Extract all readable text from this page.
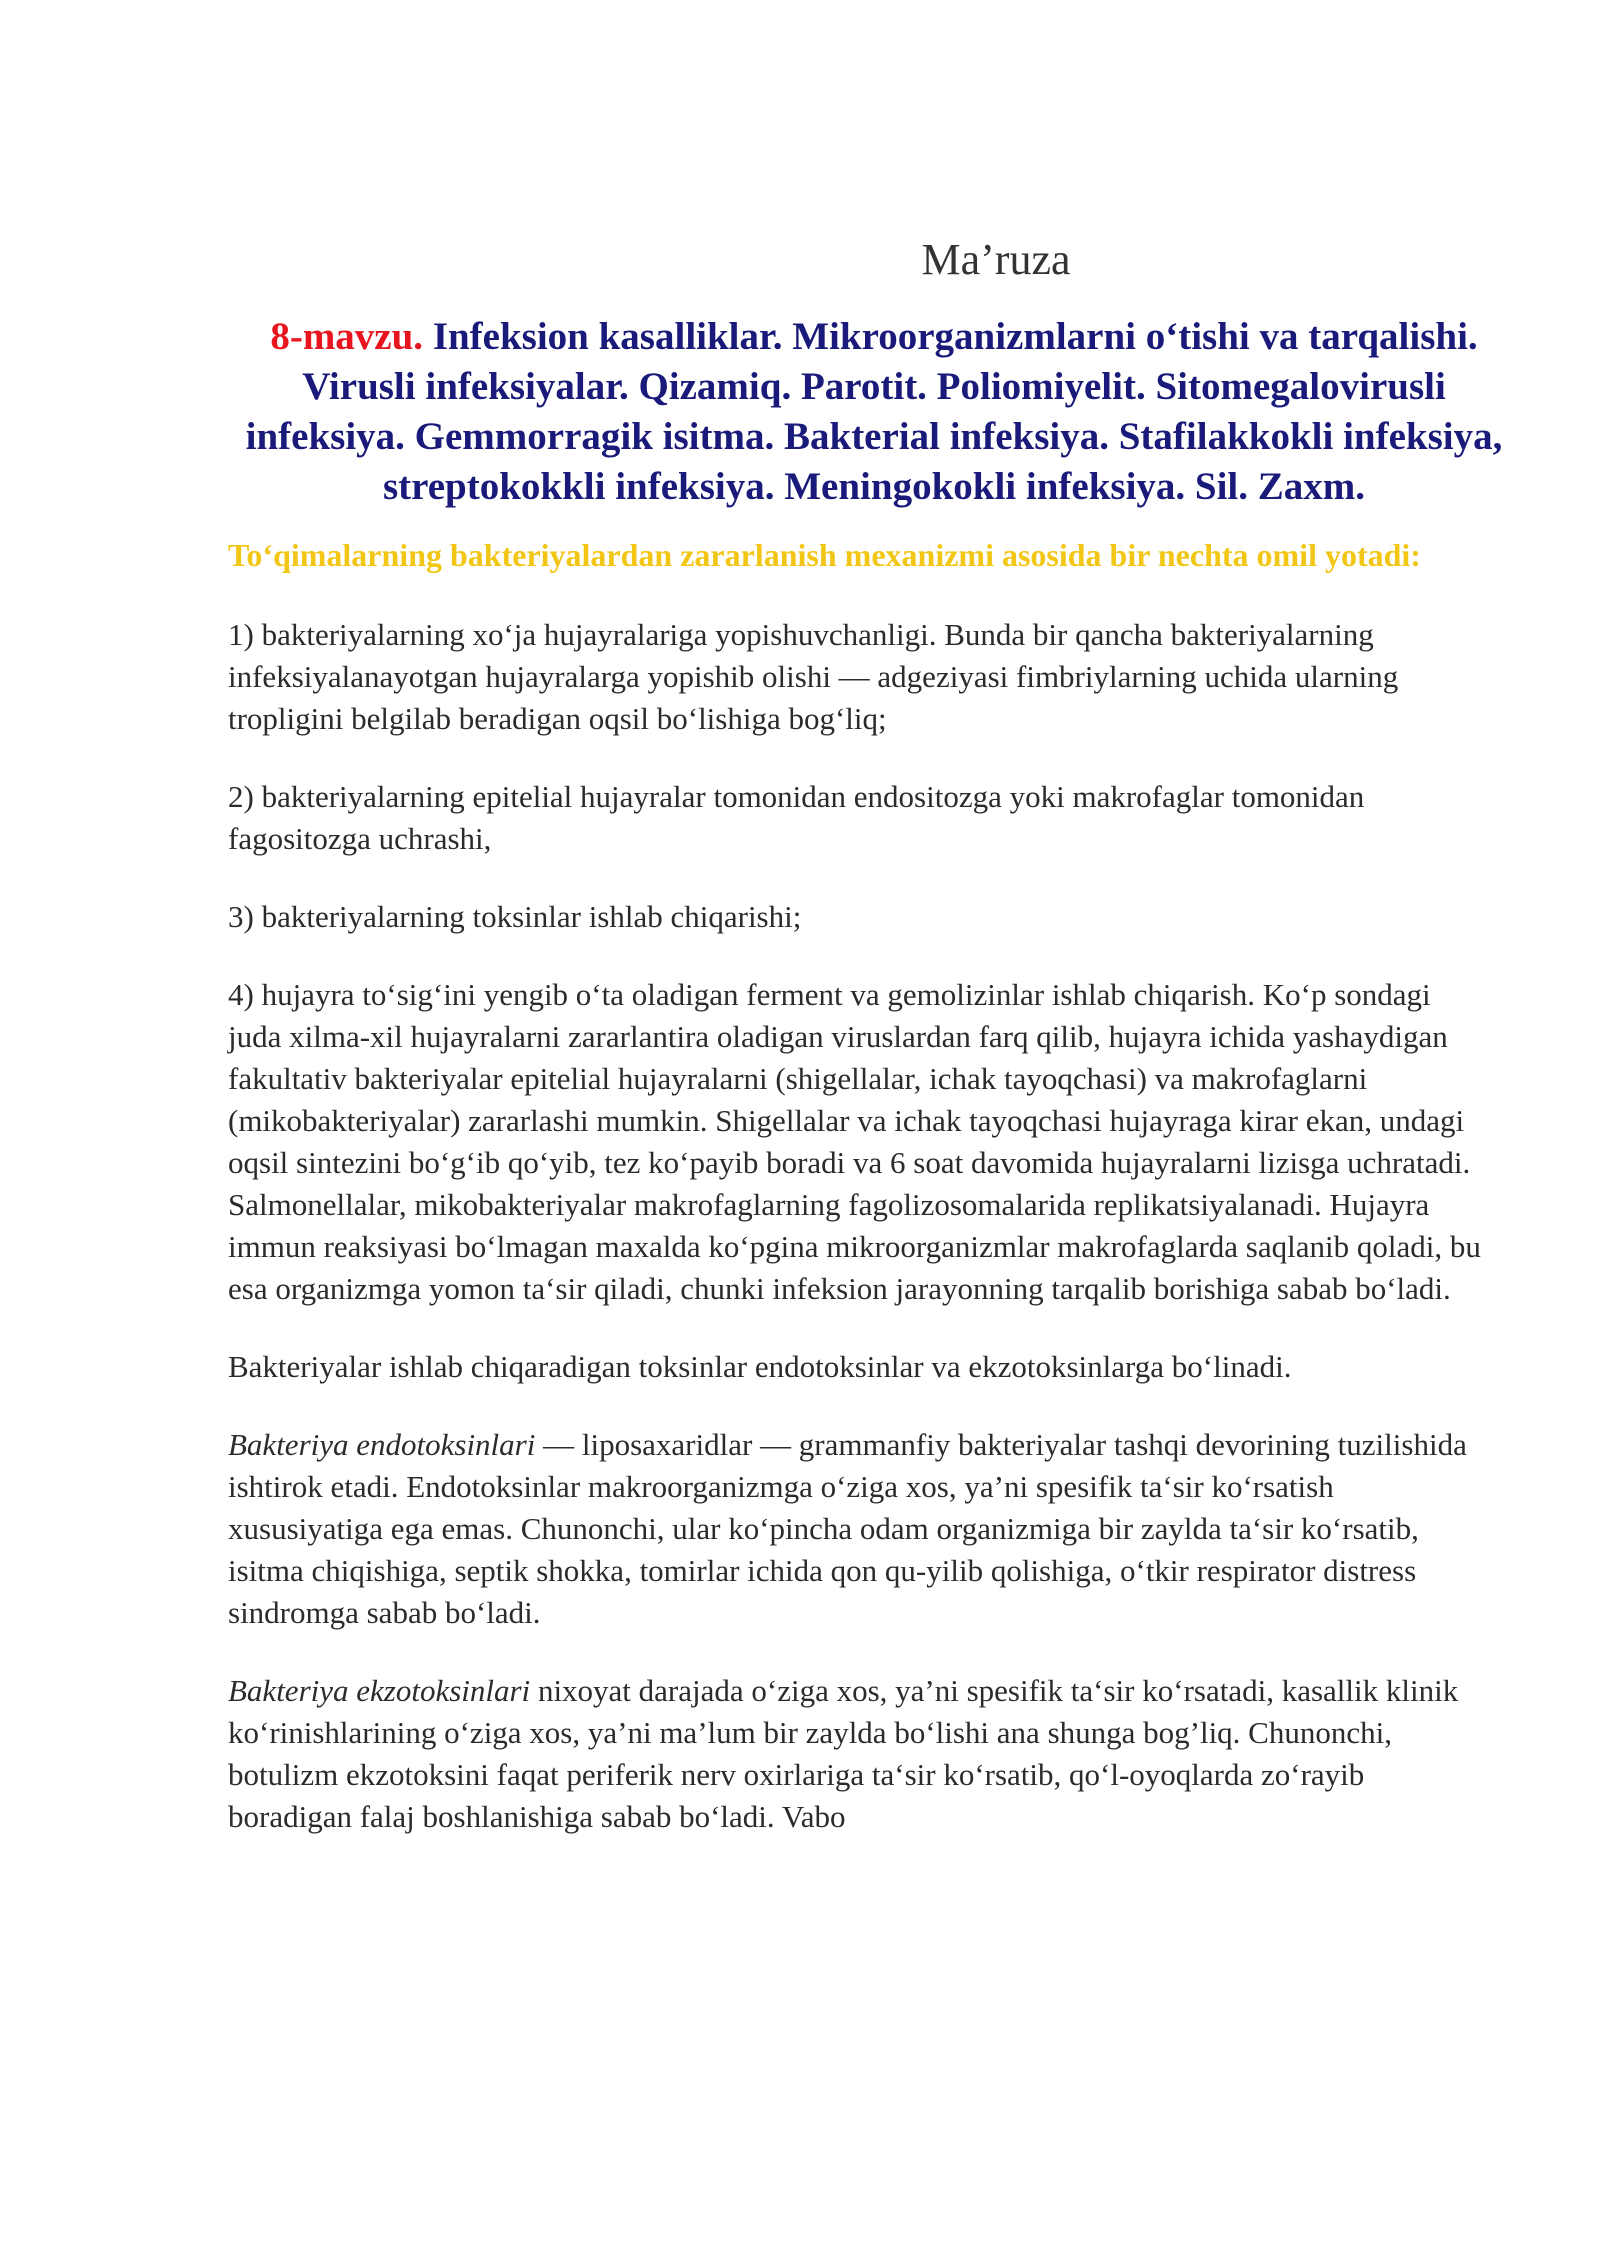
Ma’ruza
8-mavzu. Infeksion kasalliklar. Mikroorganizmlarni o‘tishi va tarqalishi. Virusli infeksiyalar. Qizamiq. Parotit. Poliomiyelit. Sitomegalovirusli infeksiya. Gemmorragik isitma. Bakterial infeksiya. Stafilakkokli infeksiya, streptokokkli infeksiya. Meningokokli infeksiya. Sil. Zaxm.
To‘qimalarning bakteriyalardan zararlanish mexanizmi asosida bir nechta omil yotadi:
1) bakteriyalarning xo‘ja hujayralariga yopishuvchanligi. Bunda bir qancha bakteriyalarning infeksiyalanayotgan hujayralarga yopishib olishi — adgeziyasi fimbriylarning uchida ularning tropligini belgilab beradigan oqsil bo‘lishiga bog‘liq;
2) bakteriyalarning epitelial hujayralar tomonidan endositozga yoki makrofaglar tomonidan fagositozga uchrashi,
3) bakteriyalarning toksinlar ishlab chiqarishi;
4) hujayra to‘sig‘ini yengib o‘ta oladigan ferment va gemolizinlar ishlab chiqarish. Ko‘p sondagi juda xilma-xil hujayralarni zararlantira oladigan viruslardan farq qilib, hujayra ichida yashaydigan fakultativ bakteriyalar epitelial hujayralarni (shigellalar, ichak tayoqchasi) va makrofaglarni (mikobakteriyalar) zararlashi mumkin. Shigellalar va ichak tayoqchasi hujayraga kirar ekan, undagi oqsil sintezini bo‘g‘ib qo‘yib, tez ko‘payib boradi va 6 soat davomida hujayralarni lizisga uchratadi. Salmonellalar, mikobakteriyalar makrofaglarning fagolizosomalarida replikatsiyalanadi. Hujayra immun reaksiyasi bo‘lmagan maxalda ko‘pgina mikroorganizmlar makrofaglarda saqlanib qoladi, bu esa organizmga yomon ta‘sir qiladi, chunki infeksion jarayonning tarqalib borishiga sabab bo‘ladi.
Bakteriyalar ishlab chiqaradigan toksinlar endotoksinlar va ekzotoksinlarga bo‘linadi.
Bakteriya endotoksinlari — liposaxaridlar — grammanfiy bakteriyalar tashqi devorining tuzilishida ishtirok etadi. Endotoksinlar makroorganizmga o‘ziga xos, ya’ni spesifik ta‘sir ko‘rsatish xususiyatiga ega emas. Chunonchi, ular ko‘pincha odam organizmiga bir zaylda ta‘sir ko‘rsatib, isitma chiqishiga, septik shokka, tomirlar ichida qon qu-yilib qolishiga, o‘tkir respirator distress sindromga sabab bo‘ladi.
Bakteriya ekzotoksinlari nixoyat darajada o‘ziga xos, ya’ni spesifik ta‘sir ko‘rsatadi, kasallik klinik ko‘rinishlarining o‘ziga xos, ya’ni ma’lum bir zaylda bo‘lishi ana shunga bog’liq. Chunonchi, botulizm ekzotoksini faqat periferik nerv oxirlariga ta‘sir ko‘rsatib, qo‘l-oyoqlarda zo‘rayib boradigan falaj boshlanishiga sabab bo‘ladi. Vabo
